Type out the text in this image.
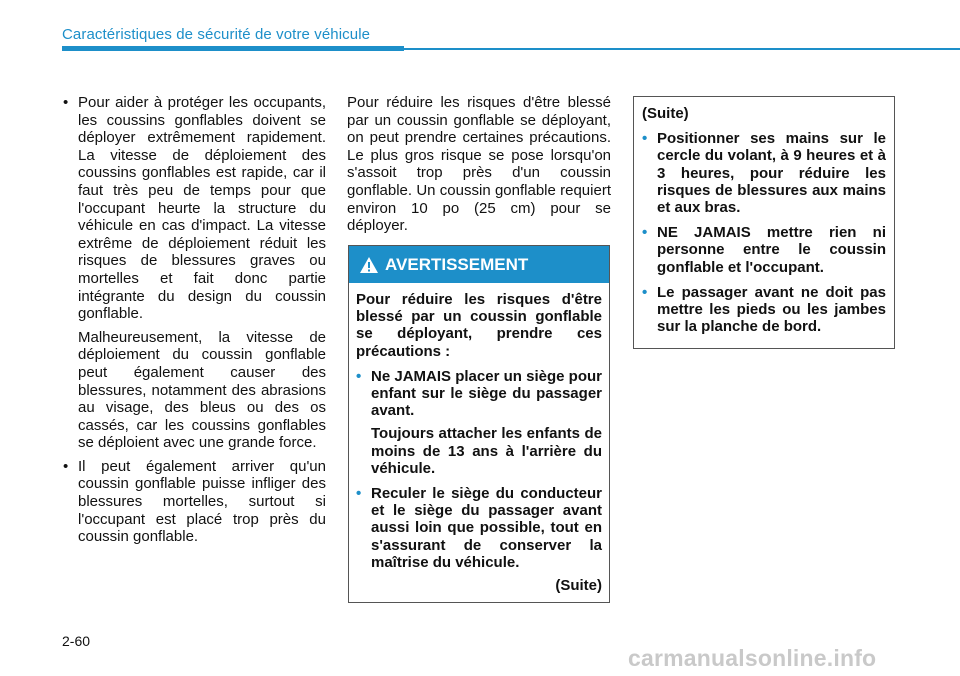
Caractéristiques de sécurité de votre véhicule
• Pour aider à protéger les occupants, les coussins gonflables doivent se déployer extrêmement rapidement. La vitesse de déploiement des coussins gonflables est rapide, car il faut très peu de temps pour que l'occupant heurte la structure du véhicule en cas d'impact. La vitesse extrême de déploiement réduit les risques de blessures graves ou mortelles et fait donc partie intégrante du design du coussin gonflable.
Malheureusement, la vitesse de déploiement du coussin gonflable peut également causer des blessures, notamment des abrasions au visage, des bleus ou des os cassés, car les coussins gonflables se déploient avec une grande force.
• Il peut également arriver qu'un coussin gonflable puisse infliger des blessures mortelles, surtout si l'occupant est placé trop près du coussin gonflable.
Pour réduire les risques d'être blessé par un coussin gonflable se déployant, on peut prendre certaines précautions. Le plus gros risque se pose lorsqu'on s'assoit trop près d'un coussin gonflable. Un coussin gonflable requiert environ 10 po (25 cm) pour se déployer.
AVERTISSEMENT
Pour réduire les risques d'être blessé par un coussin gonflable se déployant, prendre ces précautions :
• Ne JAMAIS placer un siège pour enfant sur le siège du passager avant.
Toujours attacher les enfants de moins de 13 ans à l'arrière du véhicule.
• Reculer le siège du conducteur et le siège du passager avant aussi loin que possible, tout en s'assurant de conserver la maîtrise du véhicule.
(Suite)
(Suite)
• Positionner ses mains sur le cercle du volant, à 9 heures et à 3 heures, pour réduire les risques de blessures aux mains et aux bras.
• NE JAMAIS mettre rien ni personne entre le coussin gonflable et l'occupant.
• Le passager avant ne doit pas mettre les pieds ou les jambes sur la planche de bord.
2-60
carmanualsonline.info
